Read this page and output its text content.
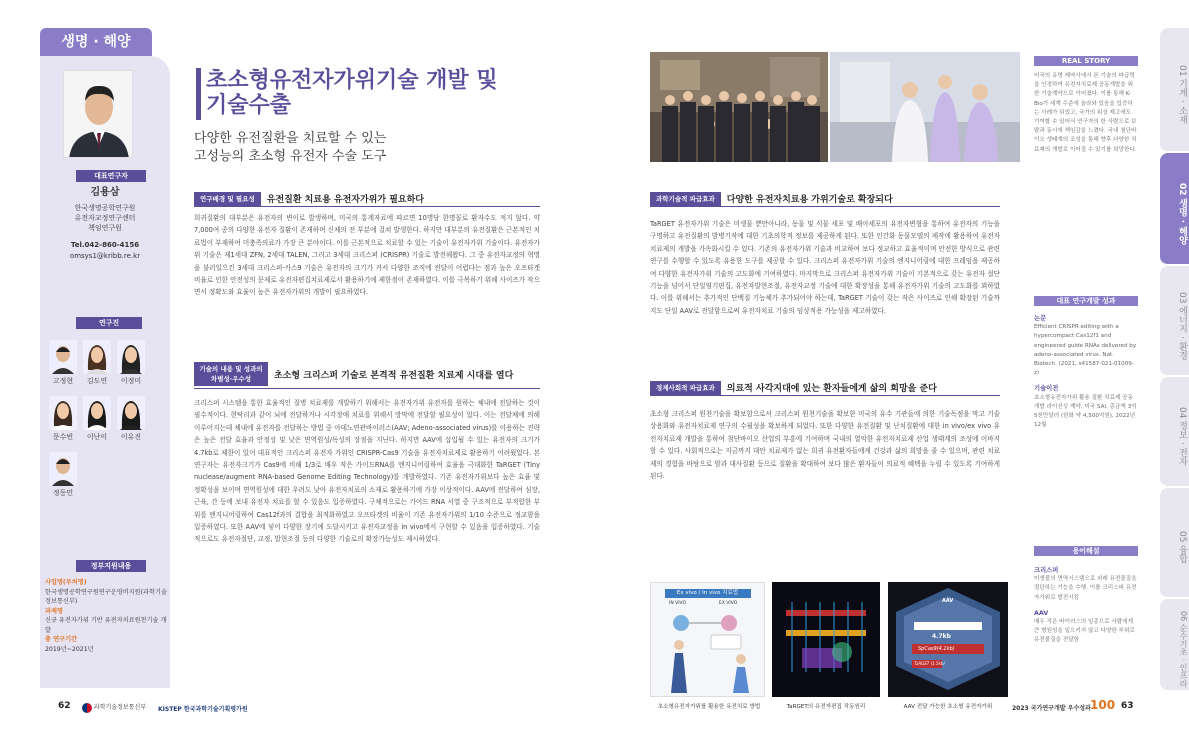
생명 · 해양
대표연구자
김용삼
한국생명공학연구원
유전자교정연구센터
책임연구원
Tel.042-860-4156
omsys1@kribb.re.kr
연구진
고정현	김도연	이정미
문수빈	이난이	이유진
정동민
정부지원내용
사업명(부처명)
한국생명공학연구원연구운영비지원(과학기술정보통신부)
과제명
신규 유전자가위 기반 유전자치료원천기술 개발
총 연구기간
2019년~2021년
초소형유전자가위기술 개발 및
기술수출
다양한 유전질환을 치료할 수 있는
고성능의 초소형 유전자 수술 도구
연구배경 및 필요성 유전질환 치료용 유전자가위가 필요하다
희귀질환의 대부분은 유전자의 변이로 발생하며, 미국의 통계자료에 따르면 10명당 한명꼴로 환자수도 적지 않다. 약 7,000여 종의 다양한 유전자 질환이 존재하며 신체의 전 부분에 걸쳐 발생한다. 하지만 대부분의 유전질환은 근본적인 치료법이 부재하여 미충족의료가 가장 큰 분야이다. 이를 근본적으로 치료할 수 있는 기술이 유전자가위 기술이다. 유전자가위 기술은 제1세대 ZFN, 2세대 TALEN, 그리고 3세대 크리스퍼 (CRISPR) 기술로 발전해왔다. 그 중 유전자교정의 혁명을 불러일으킨 3세대 크리스퍼-카스9 기술은 유전자의 크기가 커서 다양한 조직에 전달이 어렵다는 점과 높은 오프타겟 비율로 인한 안전성의 문제로 유전자편집치료제로서 활용하기에 제한점이 존재하였다. 이를 극복하기 위해 사이즈가 작으면서 정확도와 효율이 높은 유전자가위의 개발이 필요하였다.
기술의 내용 및 성과의 차별성·우수성	초소형 크리스퍼 기술로 본격적 유전질환 치료제 시대를 열다
크리스퍼 시스템을 통한 효율적인 질병 치료제를 개발하기 위해서는 유전자가위 유전자를 원하는 체내에 전달하는 것이 필수적이다. 현탁리과 같이 뇌에 전달하거나 시각장애 치료를 위해서 망막에 전달할 필요성이 있다. 이는 전달체에 의해 이루어지는데 체내에 유전자를 전달하는 방법 중 아데노연관바이러스(AAV; Adeno-associated virus)를 이용하는 전략은 높은 전달 효율과 안정성 및 낮은 면역원성/독성의 장점을 지닌다. 하지만 AAV에 삽입될 수 있는 유전자의 크기가 4.7kb로 제한이 있어 대표적인 크리스퍼 유전자 가위인 CRISPR-Cas9 기술을 유전자치료제로 활용하기 어려웠었다. 본 연구자는 유전자크기가 Cas9에 비해 1/3로 매우 작은 가이드RNA를 엔지니어링하여 효율을 극대화한 TaRGET (Tiny nuclease/augment RNA-based Genome Editing Technology)를 개발하였다. 기존 유전자가위보다 높은 효율 및 정확성을 보이며 면역원성에 대한 우려도 낮아 유전자치료의 소재로 활용하기에 가장 이상적이다. AAV에 전달하여 심장, 근육, 간 등에 보내 유전자 치료를 할 수 있음도 입증하였다. 구체적으로는 가이드 RNA 서열 중 구조적으로 부적합한 부위를 엔지니어링하여 Cas12f과의 결합을 최적화하였고 오프타겟의 비율이 기존 유전자가위의 1/10 수준으로 정교함을 입증하였다. 또한 AAV에 넣어 다양한 장기에 도달시키고 유전자교정을 in vivo에서 구현할 수 있음을 입증하였다. 기술적으로도 유전자절단, 교정, 발현조절 등의 다양한 기술로의 확장가능성도 제시하였다.
62	과학기술정보통신부 KISTEP 한국과학기술기획평가원
과학기술적 파급효과 다양한 유전자치료용 가위기술로 확장되다
TaRGET 유전자가위 기술은 미생물 뿐만아니라, 동물 및 식물 세포 및 배아세포의 유전자변형을 통하여 유전자의 기능을 구명하고 유전질환의 발병기작에 대한 기초의학적 정보를 제공하게 된다. 또한 인간화 동물모델의 제작에 활용하여 유전자치료제의 개발을 가속화시킬 수 있다. 기존의 유전자가위 기술과 비교하여 보다 정교하고 효율적이며 안전한 방식으로 관련 연구를 수행할 수 있도록 유용한 도구를 제공할 수 있다. 크리스퍼 유전자가위 기술의 엔지니어링에 대한 프레임을 제공하여 다양한 유전자가위 기술의 고도화에 기여하였다. 마지막으로 크리스퍼 유전자가위 기술이 기본적으로 갖는 유전자 절단 기능을 넘어서 단일염기편집, 유전자발현조절, 유전자교정 기술에 대한 확장성을 통해 유전자가위 기술의 고도화를 꾀하였다. 이를 위해서는 추가적인 단백질 기능체가 추가되어야 하는데, TaRGET 기술이 갖는 작은 사이즈로 인해 확장된 기술까지도 단일 AAV로 전달함으로써 유전자치료 기술의 임상적용 가능성을 제고하였다.
경제사회적 파급효과 의료적 사각지대에 있는 환자들에게 삶의 희망을 준다
초소형 크리스퍼 원천기술을 확보함으로서 크리스퍼 원천기술을 확보한 미국의 유수 기관들에 의한 기술독점을 막고 기술 상용화와 유전자치료제 연구의 수월성을 확보하게 되었다. 또한 다양한 유전질환 및 난치질환에 대한 in vivo/ex vivo 유전자치료제 개발을 통하여 첨단바이오 산업의 부흥에 기여하며 국내의 열악한 유전자치료제 산업 생태계의 조성에 이바지할 수 있다. 사회적으로는 지금까지 대안 치료제가 없는 희귀 유전환자들에게 건강과 삶의 희망을 줄 수 있으며, 관련 치료제의 경험을 바탕으로 암과 대사질환 등으로 질환을 확대하여 보다 많은 환자들이 의료적 혜택을 누릴 수 있도록 기여하게 된다.
Ex vivo / In vivo 치료법
IN VIVO	EX VIVO	AAV
4.7kb
SpCas9(4.1kb)
TaRGET (1.5kb)
초소형유전자가위를 활용한 유전치료 방법	TaRGET의 유전자편집 작동원리	AAV 전달 가능한 초소형 유전자가위
REAL STORY
미국의 유명 제약사에서 본 기술의 파급력을 인정하여 유전자치료제 공동개발을 위한 기술계약으로 이어졌다. 이를 통해 K-Bio가 세계 수준에 올라와 있음을 입증하는 사례가 되었고, 국가의 위상 제고에도 기여할 수 있어서 연구자의 한 사람으로 보람과 동시에 책임감을 느꼈다. 국내 첨단바이오 생태계의 조성을 통해 향후 다양한 치료제의 개발로 이어질 수 있기를 희망한다.
대표 연구개발 성과
논문
Efficient CRISPR editing with a hypercompact Cas12f1 and engineered guide RNAs delivered by adeno-associated virus. Nat. Biotech. (2021, s41587-021-01009-z)
기술이전
초소형유전자가위 활용 질환 치료제 공동개발 라이선싱 계약, 미국 SAI. 총금액 3억 5천만달러 (한화 약 4,500억원), 2022년 12월
용어해설
크리스퍼
미생물의 면역시스템으로 외래 유전물질을 절단하는 기능을 수행. 이를 크리스퍼 유전자가위로 발전시킴
AAV
매우 작은 바이러스의 일종으로 사람에게 큰 병원성을 일으키지 않고 다양한 부위로 유전물질을 전달함
01 기계 · 소재
02 생명 · 해양
03 에너지 · 환경
04 정보 · 전자
05 융합
06 순수기초 · 인프라
2023 국가연구개발 우수성과 100 63
